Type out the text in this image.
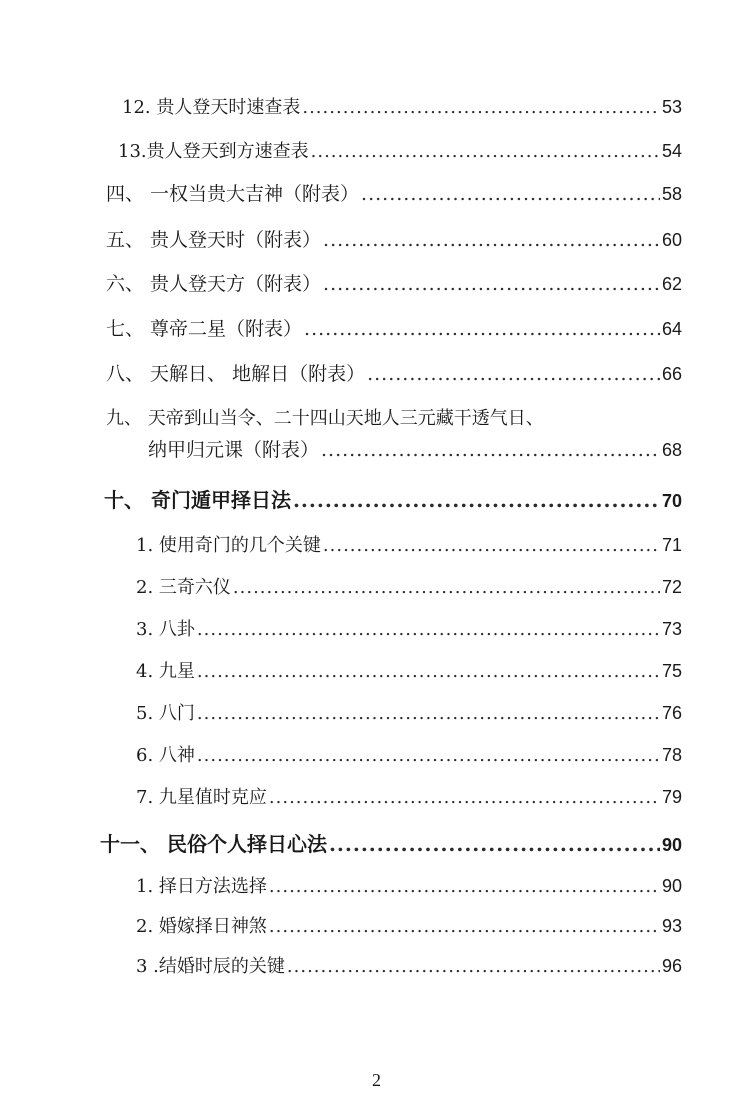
12. 贵人登天时速查表 .....	53
13.贵人登天到方速查表 .....	54
四、 一权当贵大吉神（附表） .....	58
五、 贵人登天时（附表） .....	60
六、 贵人登天方（附表） .....	62
七、 尊帝二星（附表） .....	64
八、 天解日、 地解日（附表） .....	66
九、 天帝到山当令、二十四山天地人三元藏干透气日、
纳甲归元课（附表） .....	68
十、 奇门遁甲择日法 .....	70
1. 使用奇门的几个关键 .....	71
2. 三奇六仪 .....	72
3. 八卦 .....	73
4. 九星 .....	75
5. 八门 .....	76
6. 八神 .....	78
7. 九星值时克应 .....	79
十一、 民俗个人择日心法 .....	90
1. 择日方法选择 .....	90
2. 婚嫁择日神煞 .....	93
3 .结婚时辰的关键 .....	96
2
